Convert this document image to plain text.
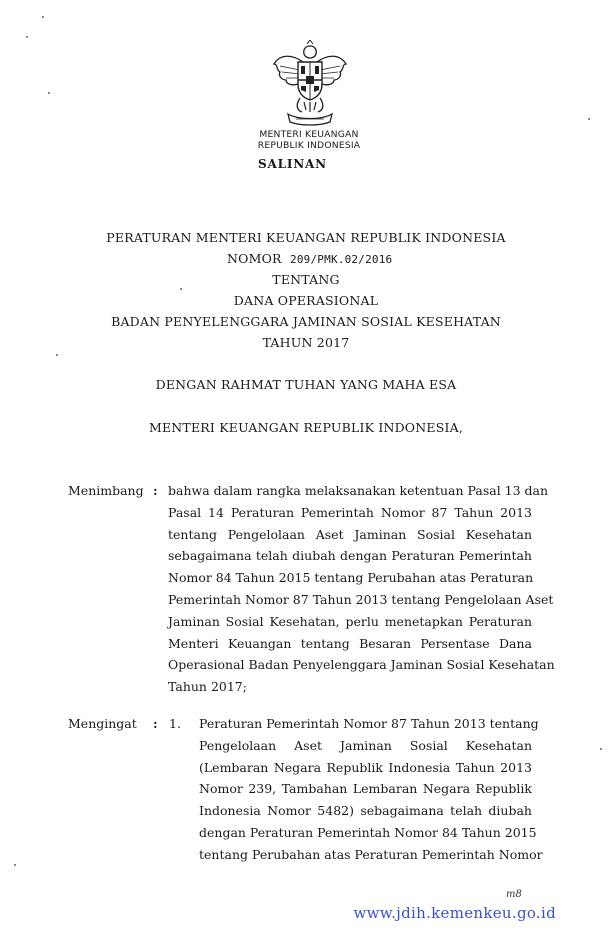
MENTERI KEUANGAN
REPUBLIK INDONESIA
SALINAN
PERATURAN MENTERI KEUANGAN REPUBLIK INDONESIA
NOMOR 209/PMK.02/2016
TENTANG
DANA OPERASIONAL
BADAN PENYELENGGARA JAMINAN SOSIAL KESEHATAN
TAHUN 2017
DENGAN RAHMAT TUHAN YANG MAHA ESA
MENTERI KEUANGAN REPUBLIK INDONESIA,
Menimbang : bahwa dalam rangka melaksanakan ketentuan Pasal 13 dan
Pasal 14 Peraturan Pemerintah Nomor 87 Tahun 2013
tentang Pengelolaan Aset Jaminan Sosial Kesehatan
sebagaimana telah diubah dengan Peraturan Pemerintah
Nomor 84 Tahun 2015 tentang Perubahan atas Peraturan
Pemerintah Nomor 87 Tahun 2013 tentang Pengelolaan Aset
Jaminan Sosial Kesehatan, perlu menetapkan Peraturan
Menteri Keuangan tentang Besaran Persentase Dana
Operasional Badan Penyelenggara Jaminan Sosial Kesehatan
Tahun 2017;
Mengingat : 1. Peraturan Pemerintah Nomor 87 Tahun 2013 tentang
Pengelolaan Aset Jaminan Sosial Kesehatan
(Lembaran Negara Republik Indonesia Tahun 2013
Nomor 239, Tambahan Lembaran Negara Republik
Indonesia Nomor 5482) sebagaimana telah diubah
dengan Peraturan Pemerintah Nomor 84 Tahun 2015
tentang Perubahan atas Peraturan Pemerintah Nomor
m8
www.jdih.kemenkeu.go.id
